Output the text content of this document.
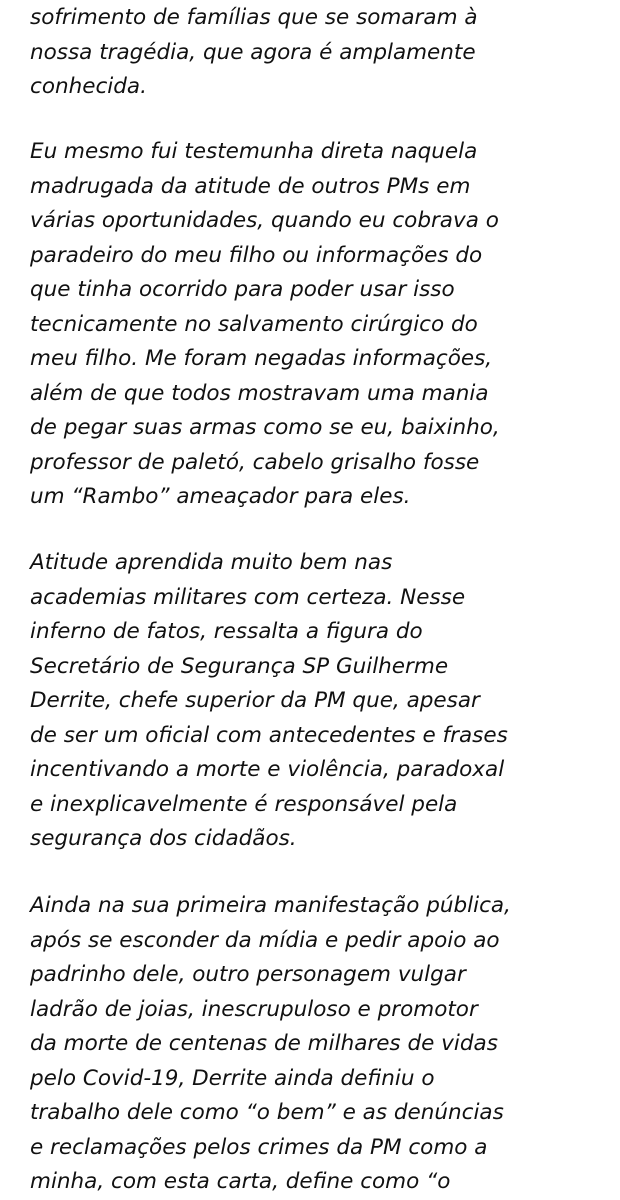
sofrimento de famílias que se somaram à
nossa tragédia, que agora é amplamente
conhecida.
Eu mesmo fui testemunha direta naquela
madrugada da atitude de outros PMs em
várias oportunidades, quando eu cobrava o
paradeiro do meu filho ou informações do
que tinha ocorrido para poder usar isso
tecnicamente no salvamento cirúrgico do
meu filho. Me foram negadas informações,
além de que todos mostravam uma mania
de pegar suas armas como se eu, baixinho,
professor de paletó, cabelo grisalho fosse
um “Rambo” ameaçador para eles.
Atitude aprendida muito bem nas
academias militares com certeza. Nesse
inferno de fatos, ressalta a figura do
Secretário de Segurança SP Guilherme
Derrite, chefe superior da PM que, apesar
de ser um oficial com antecedentes e frases
incentivando a morte e violência, paradoxal
e inexplicavelmente é responsável pela
segurança dos cidadãos.
Ainda na sua primeira manifestação pública,
após se esconder da mídia e pedir apoio ao
padrinho dele, outro personagem vulgar
ladrão de joias, inescrupuloso e promotor
da morte de centenas de milhares de vidas
pelo Covid-19, Derrite ainda definiu o
trabalho dele como “o bem” e as denúncias
e reclamações pelos crimes da PM como a
minha, com esta carta, define como “o
